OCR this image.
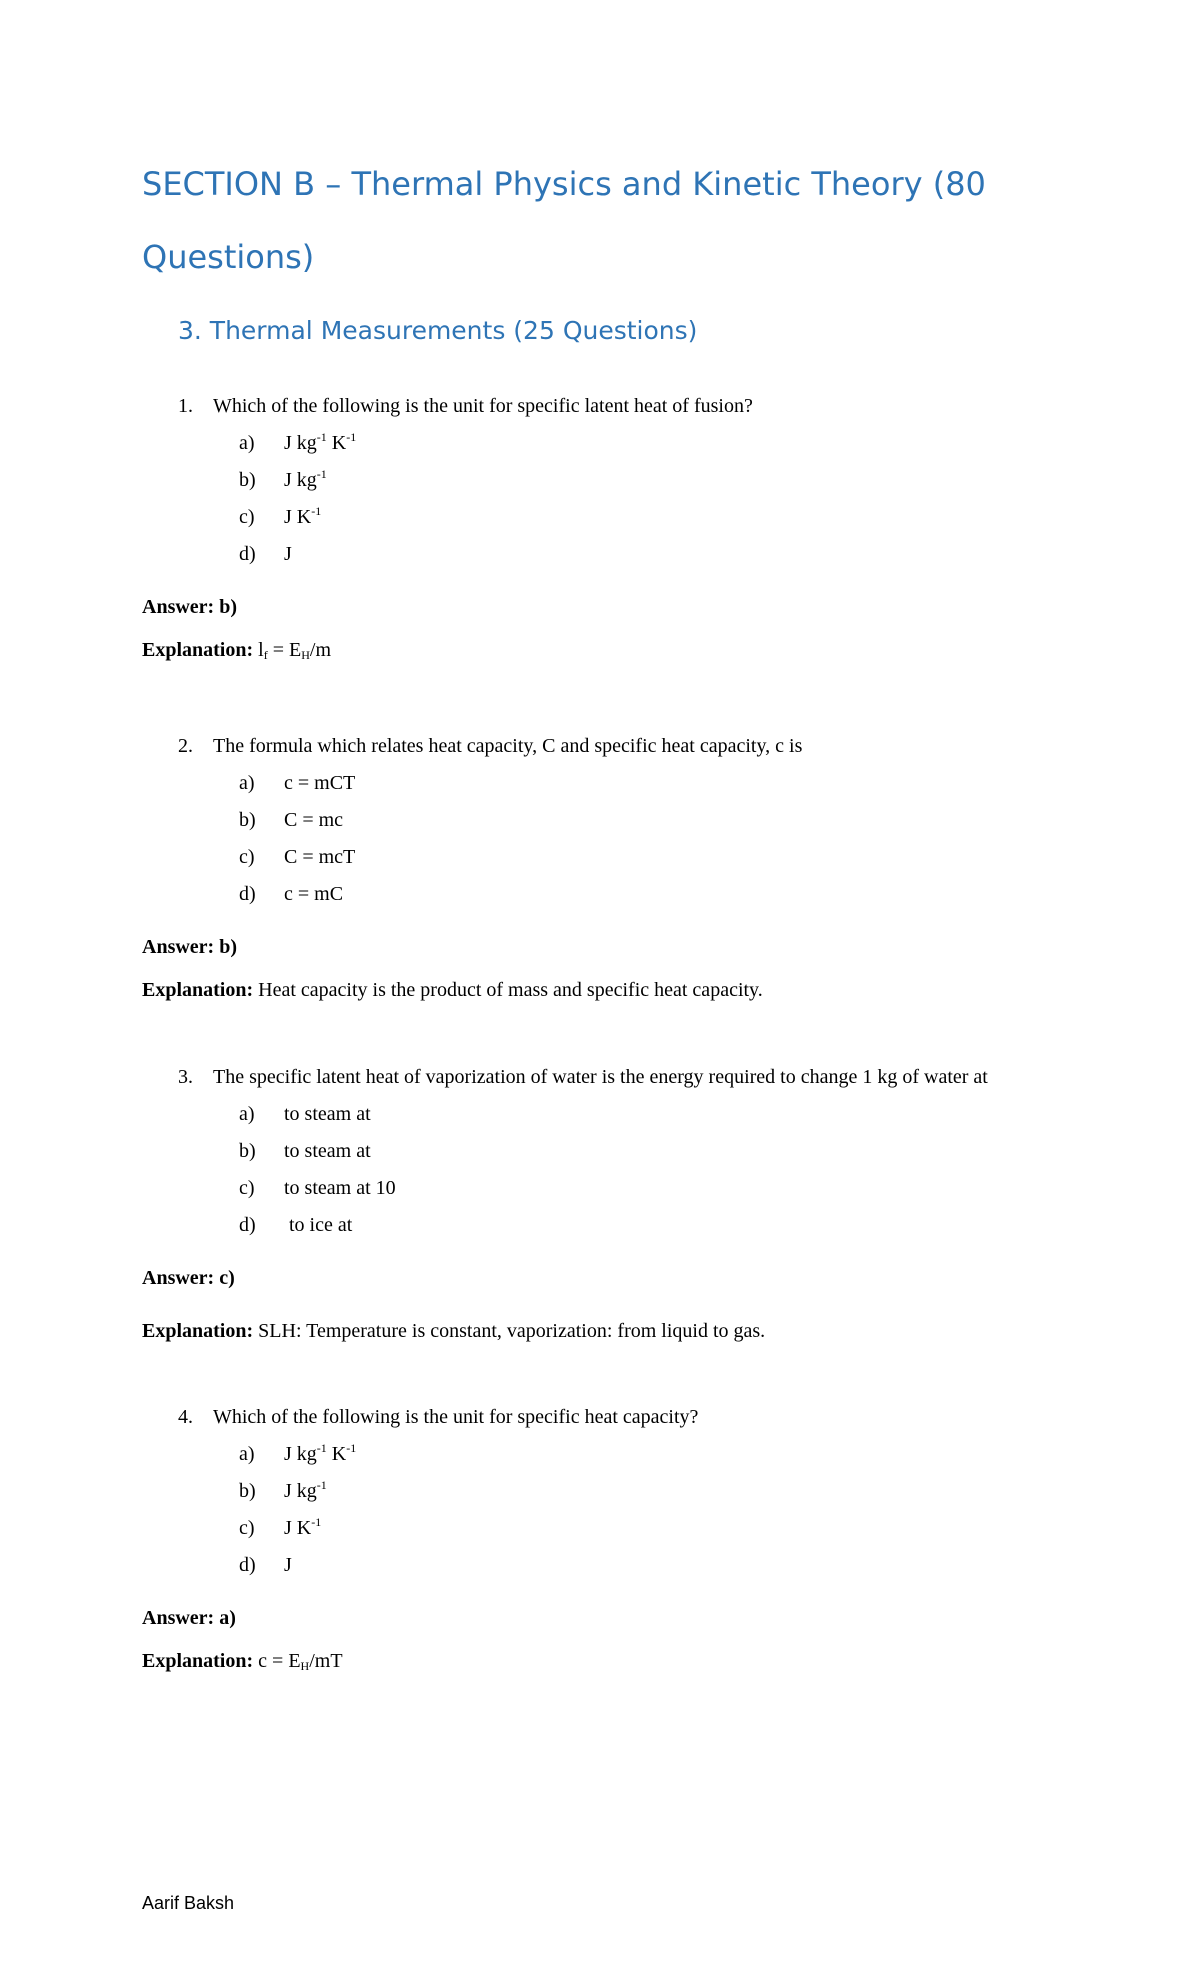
SECTION B – Thermal Physics and Kinetic Theory (80
Questions)
3. Thermal Measurements (25 Questions)
1. Which of the following is the unit for specific latent heat of fusion?
a) J $kg^{-1}$ $K^{-1}$
b) J $kg^{-1}$
c) J $K^{-1}$
d) J
Answer: b)
Explanation: $l_f = E_H/m$
2. The formula which relates heat capacity, C and specific heat capacity, c is
a) c = mCT
b) C = mc
c) C = mcT
d) c = mC
Answer: b)
Explanation: Heat capacity is the product of mass and specific heat capacity.
3. The specific latent heat of vaporization of water is the energy required to change 1 kg of water at
a) to steam at
b) to steam at
c) to steam at 10
d) to ice at
Answer: c)
Explanation: SLH: Temperature is constant, vaporization: from liquid to gas.
4. Which of the following is the unit for specific heat capacity?
a) J $kg^{-1}$ $K^{-1}$
b) J $kg^{-1}$
c) J $K^{-1}$
d) J
Answer: a)
Explanation: $c = E_H/mT$
Aarif Baksh
